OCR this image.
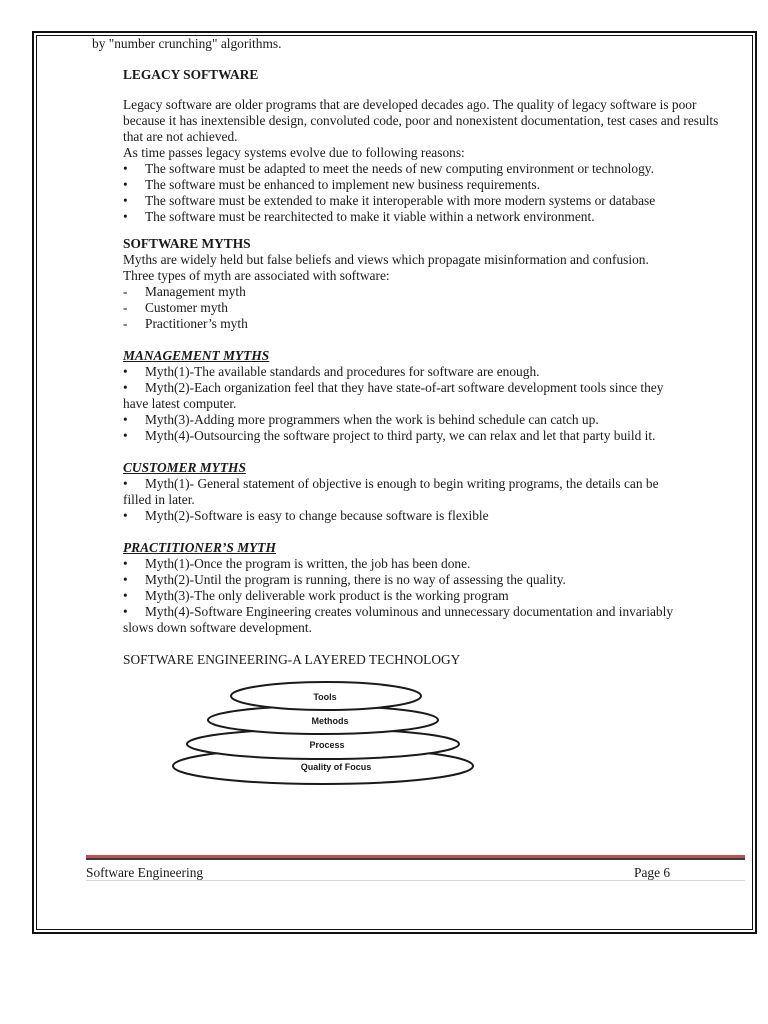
by "number crunching" algorithms.
LEGACY SOFTWARE
Legacy software are older programs that are developed decades ago. The quality of legacy software is poor because it has inextensible design, convoluted code, poor and nonexistent documentation, test cases and results that are not achieved.
As time passes legacy systems evolve due to following reasons:
•	The software must be adapted to meet the needs of new computing environment or technology.
•	The software must be enhanced to implement new business requirements.
•	The software must be extended to make it interoperable with more modern systems or database
•	The software must be rearchitected to make it viable within a network environment.
SOFTWARE MYTHS
Myths are widely held but false beliefs and views which propagate misinformation and confusion.
Three types of myth are associated with software:
-	Management myth
-	Customer myth
-	Practitioner’s myth
MANAGEMENT MYTHS
•	Myth(1)-The available standards and procedures for software are enough.
•	Myth(2)-Each organization feel that they have state-of-art software development tools since they
have latest computer.
•	Myth(3)-Adding more programmers when the work is behind schedule can catch up.
•	Myth(4)-Outsourcing the software project to third party, we can relax and let that party build it.
CUSTOMER MYTHS
•	Myth(1)- General statement of objective is enough to begin writing programs, the details can be
filled in later.
•	Myth(2)-Software is easy to change because software is flexible
PRACTITIONER’S MYTH
•	Myth(1)-Once the program is written, the job has been done.
•	Myth(2)-Until the program is running, there is no way of assessing the quality.
•	Myth(3)-The only deliverable work product is the working program
•	Myth(4)-Software Engineering creates voluminous and unnecessary documentation and invariably
slows down software development.
SOFTWARE ENGINEERING-A LAYERED TECHNOLOGY
Tools
Methods
Process
Quality of Focus
Software Engineering	Page 6
